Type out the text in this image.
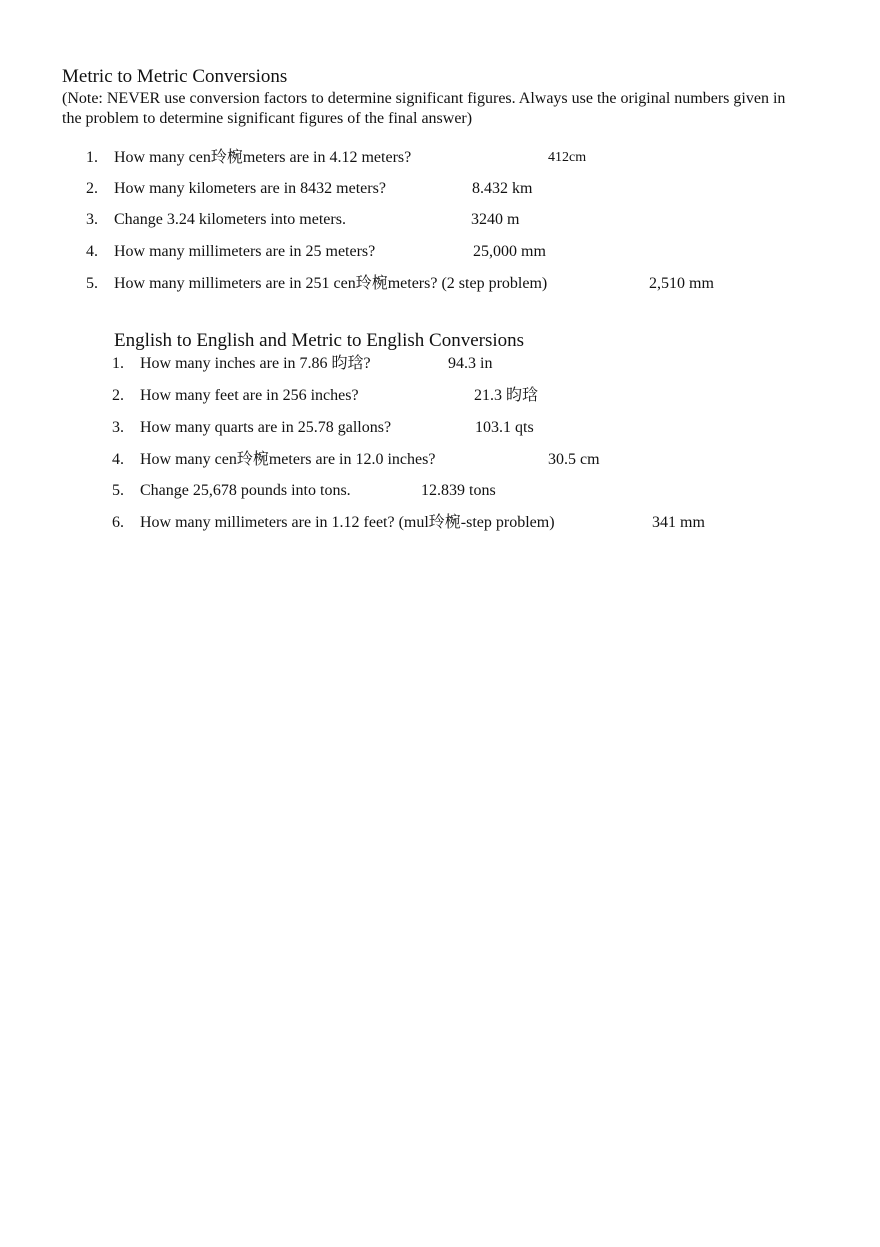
Metric to Metric Conversions
(Note: NEVER use conversion factors to determine significant figures. Always use the original numbers given in the problem to determine significant figures of the final answer)
1. How many cen玲椀meters are in 4.12 meters?	412cm
2. How many kilometers are in 8432 meters?	8.432 km
3. Change 3.24 kilometers into meters.	3240 m
4. How many millimeters are in 25 meters?	25,000 mm
5. How many millimeters are in 251 cen玲椀meters? (2 step problem)	2,510 mm
English to English and Metric to English Conversions
1. How many inches are in 7.86 昀琀?	94.3 in
2. How many feet are in 256 inches?	21.3 昀琀
3. How many quarts are in 25.78 gallons?	103.1 qts
4. How many cen玲椀meters are in 12.0 inches?	30.5 cm
5. Change 25,678 pounds into tons.	12.839 tons
6. How many millimeters are in 1.12 feet? (mul玲椀-step problem)	341 mm
